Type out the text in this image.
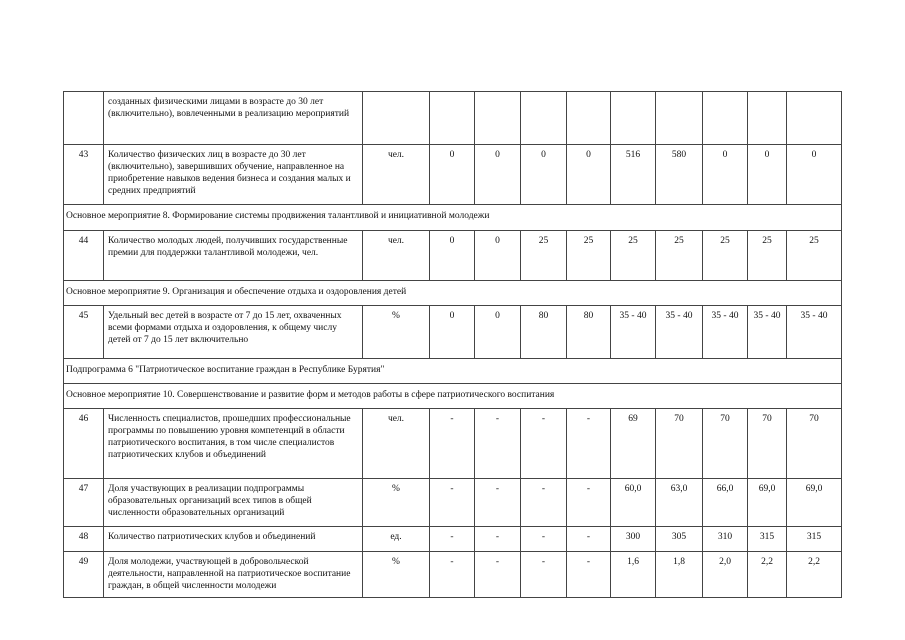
	созданных физическими лицами в возрасте до 30 лет (включительно), вовлеченными в реализацию мероприятий										
43	Количество физических лиц в возрасте до 30 лет (включительно), завершивших обучение, направленное на приобретение навыков ведения бизнеса и создания малых и средних предприятий	чел.	0	0	0	0	516	580	0	0	0
Основное мероприятие 8. Формирование системы продвижения талантливой и инициативной молодежи											
44	Количество молодых людей, получивших государственные премии для поддержки талантливой молодежи, чел.	чел.	0	0	25	25	25	25	25	25	25
Основное мероприятие 9. Организация и обеспечение отдыха и оздоровления детей											
45	Удельный вес детей в возрасте от 7 до 15 лет, охваченных всеми формами отдыха и оздоровления, к общему числу детей от 7 до 15 лет включительно	%	0	0	80	80	35 - 40	35 - 40	35 - 40	35 - 40	35 - 40
Подпрограмма 6 "Патриотическое воспитание граждан в Республике Бурятия"											
Основное мероприятие 10. Совершенствование и развитие форм и методов работы в сфере патриотического воспитания											
46	Численность специалистов, прошедших профессиональные программы по повышению уровня компетенций в области патриотического воспитания, в том числе специалистов патриотических клубов и объединений	чел.	-	-	-	-	69	70	70	70	70
47	Доля участвующих в реализации подпрограммы образовательных организаций всех типов в общей численности образовательных организаций	%	-	-	-	-	60,0	63,0	66,0	69,0	69,0
48	Количество патриотических клубов и объединений	ед.	-	-	-	-	300	305	310	315	315
49	Доля молодежи, участвующей в добровольческой деятельности, направленной на патриотическое воспитание граждан, в общей численности молодежи	%	-	-	-	-	1,6	1,8	2,0	2,2	2,2
